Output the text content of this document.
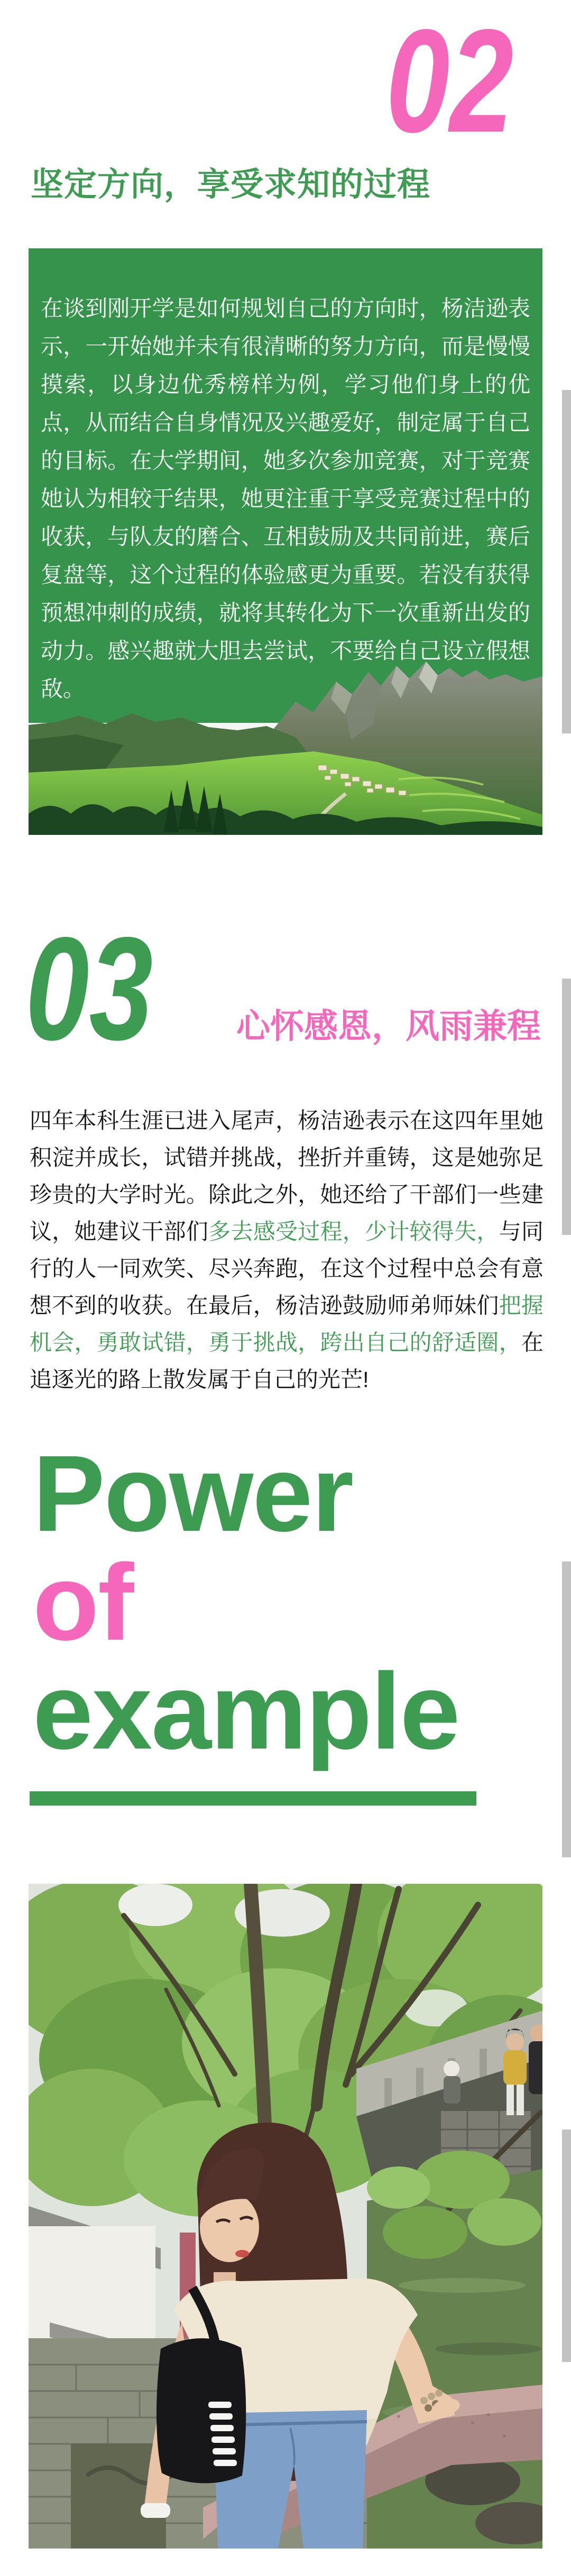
02
坚定方向，享受求知的过程

在谈到刚开学是如何规划自己的方向时，杨洁逊表示，一开始她并未有很清晰的努力方向，而是慢慢摸索，以身边优秀榜样为例，学习他们身上的优点，从而结合自身情况及兴趣爱好，制定属于自己的目标。在大学期间，她多次参加竞赛，对于竞赛她认为相较于结果，她更注重于享受竞赛过程中的收获，与队友的磨合、互相鼓励及共同前进，赛后复盘等，这个过程的体验感更为重要。若没有获得预想冲刺的成绩，就将其转化为下一次重新出发的动力。感兴趣就大胆去尝试，不要给自己设立假想敌。

03 心怀感恩，风雨兼程

四年本科生涯已进入尾声，杨洁逊表示在这四年里她积淀并成长，试错并挑战，挫折并重铸，这是她弥足珍贵的大学时光。除此之外，她还给了干部们一些建议，她建议干部们多去感受过程，少计较得失，与同行的人一同欢笑、尽兴奔跑，在这个过程中总会有意想不到的收获。在最后，杨洁逊鼓励师弟师妹们把握机会，勇敢试错，勇于挑战，跨出自己的舒适圈，在追逐光的路上散发属于自己的光芒!

Power
of
example
